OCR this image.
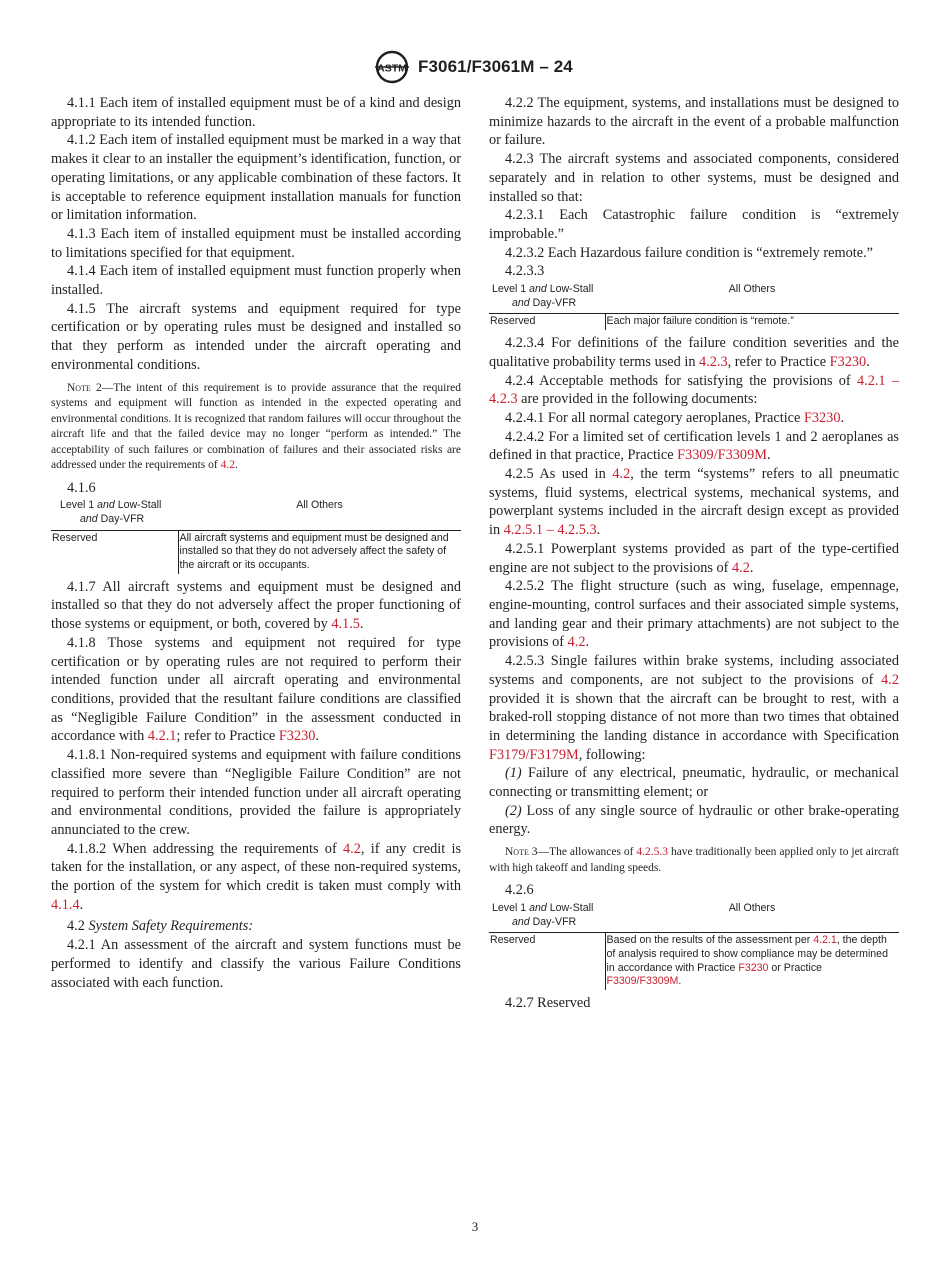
ASTM F3061/F3061M – 24

4.1.1 Each item of installed equipment must be of a kind and design appropriate to its intended function.

4.1.2 Each item of installed equipment must be marked in a way that makes it clear to an installer the equipment’s identification, function, or operating limitations, or any applicable combination of these factors. It is acceptable to reference equipment installation manuals for function or limitation information.

4.1.3 Each item of installed equipment must be installed according to limitations specified for that equipment.

4.1.4 Each item of installed equipment must function properly when installed.

4.1.5 The aircraft systems and equipment required for type certification or by operating rules must be designed and installed so that they perform as intended under the aircraft operating and environmental conditions.

Note 2—The intent of this requirement is to provide assurance that the required systems and equipment will function as intended in the expected operating and environmental conditions. It is recognized that random failures will occur throughout the aircraft life and that the failed device may no longer “perform as intended.” The acceptability of such failures or combination of failures and their associated risks are addressed under the requirements of 4.2.

4.1.6

Level 1 and Low-Stall
and Day-VFR	All Others
Reserved	All aircraft systems and equipment must be designed and installed so that they do not adversely affect the safety of the aircraft or its occupants.

4.1.7 All aircraft systems and equipment must be designed and installed so that they do not adversely affect the proper functioning of those systems or equipment, or both, covered by 4.1.5.

4.1.8 Those systems and equipment not required for type certification or by operating rules are not required to perform their intended function under all aircraft operating and environmental conditions, provided that the resultant failure conditions are classified as “Negligible Failure Condition” in the assessment conducted in accordance with 4.2.1; refer to Practice F3230.

4.1.8.1 Non-required systems and equipment with failure conditions classified more severe than “Negligible Failure Condition” are not required to perform their intended function under all aircraft operating and environmental conditions, provided the failure is appropriately annunciated to the crew.

4.1.8.2 When addressing the requirements of 4.2, if any credit is taken for the installation, or any aspect, of these non-required systems, the portion of the system for which credit is taken must comply with 4.1.4.

4.2 System Safety Requirements:

4.2.1 An assessment of the aircraft and system functions must be performed to identify and classify the various Failure Conditions associated with each function.

4.2.2 The equipment, systems, and installations must be designed to minimize hazards to the aircraft in the event of a probable malfunction or failure.

4.2.3 The aircraft systems and associated components, considered separately and in relation to other systems, must be designed and installed so that:

4.2.3.1 Each Catastrophic failure condition is “extremely improbable.”

4.2.3.2 Each Hazardous failure condition is “extremely remote.”

4.2.3.3

Level 1 and Low-Stall
and Day-VFR	All Others
Reserved	Each major failure condition is “remote.”

4.2.3.4 For definitions of the failure condition severities and the qualitative probability terms used in 4.2.3, refer to Practice F3230.

4.2.4 Acceptable methods for satisfying the provisions of 4.2.1 – 4.2.3 are provided in the following documents:

4.2.4.1 For all normal category aeroplanes, Practice F3230.

4.2.4.2 For a limited set of certification levels 1 and 2 aeroplanes as defined in that practice, Practice F3309/F3309M.

4.2.5 As used in 4.2, the term “systems” refers to all pneumatic systems, fluid systems, electrical systems, mechanical systems, and powerplant systems included in the aircraft design except as provided in 4.2.5.1 – 4.2.5.3.

4.2.5.1 Powerplant systems provided as part of the type-certified engine are not subject to the provisions of 4.2.

4.2.5.2 The flight structure (such as wing, fuselage, empennage, engine-mounting, control surfaces and their associated simple systems, and landing gear and their primary attachments) are not subject to the provisions of 4.2.

4.2.5.3 Single failures within brake systems, including associated systems and components, are not subject to the provisions of 4.2 provided it is shown that the aircraft can be brought to rest, with a braked-roll stopping distance of not more than two times that obtained in determining the landing distance in accordance with Specification F3179/F3179M, following:

(1) Failure of any electrical, pneumatic, hydraulic, or mechanical connecting or transmitting element; or

(2) Loss of any single source of hydraulic or other brake-operating energy.

Note 3—The allowances of 4.2.5.3 have traditionally been applied only to jet aircraft with high takeoff and landing speeds.

4.2.6

Level 1 and Low-Stall
and Day-VFR	All Others
Reserved	Based on the results of the assessment per 4.2.1, the depth of analysis required to show compliance may be determined in accordance with Practice F3230 or Practice F3309/F3309M.

4.2.7 Reserved

3
